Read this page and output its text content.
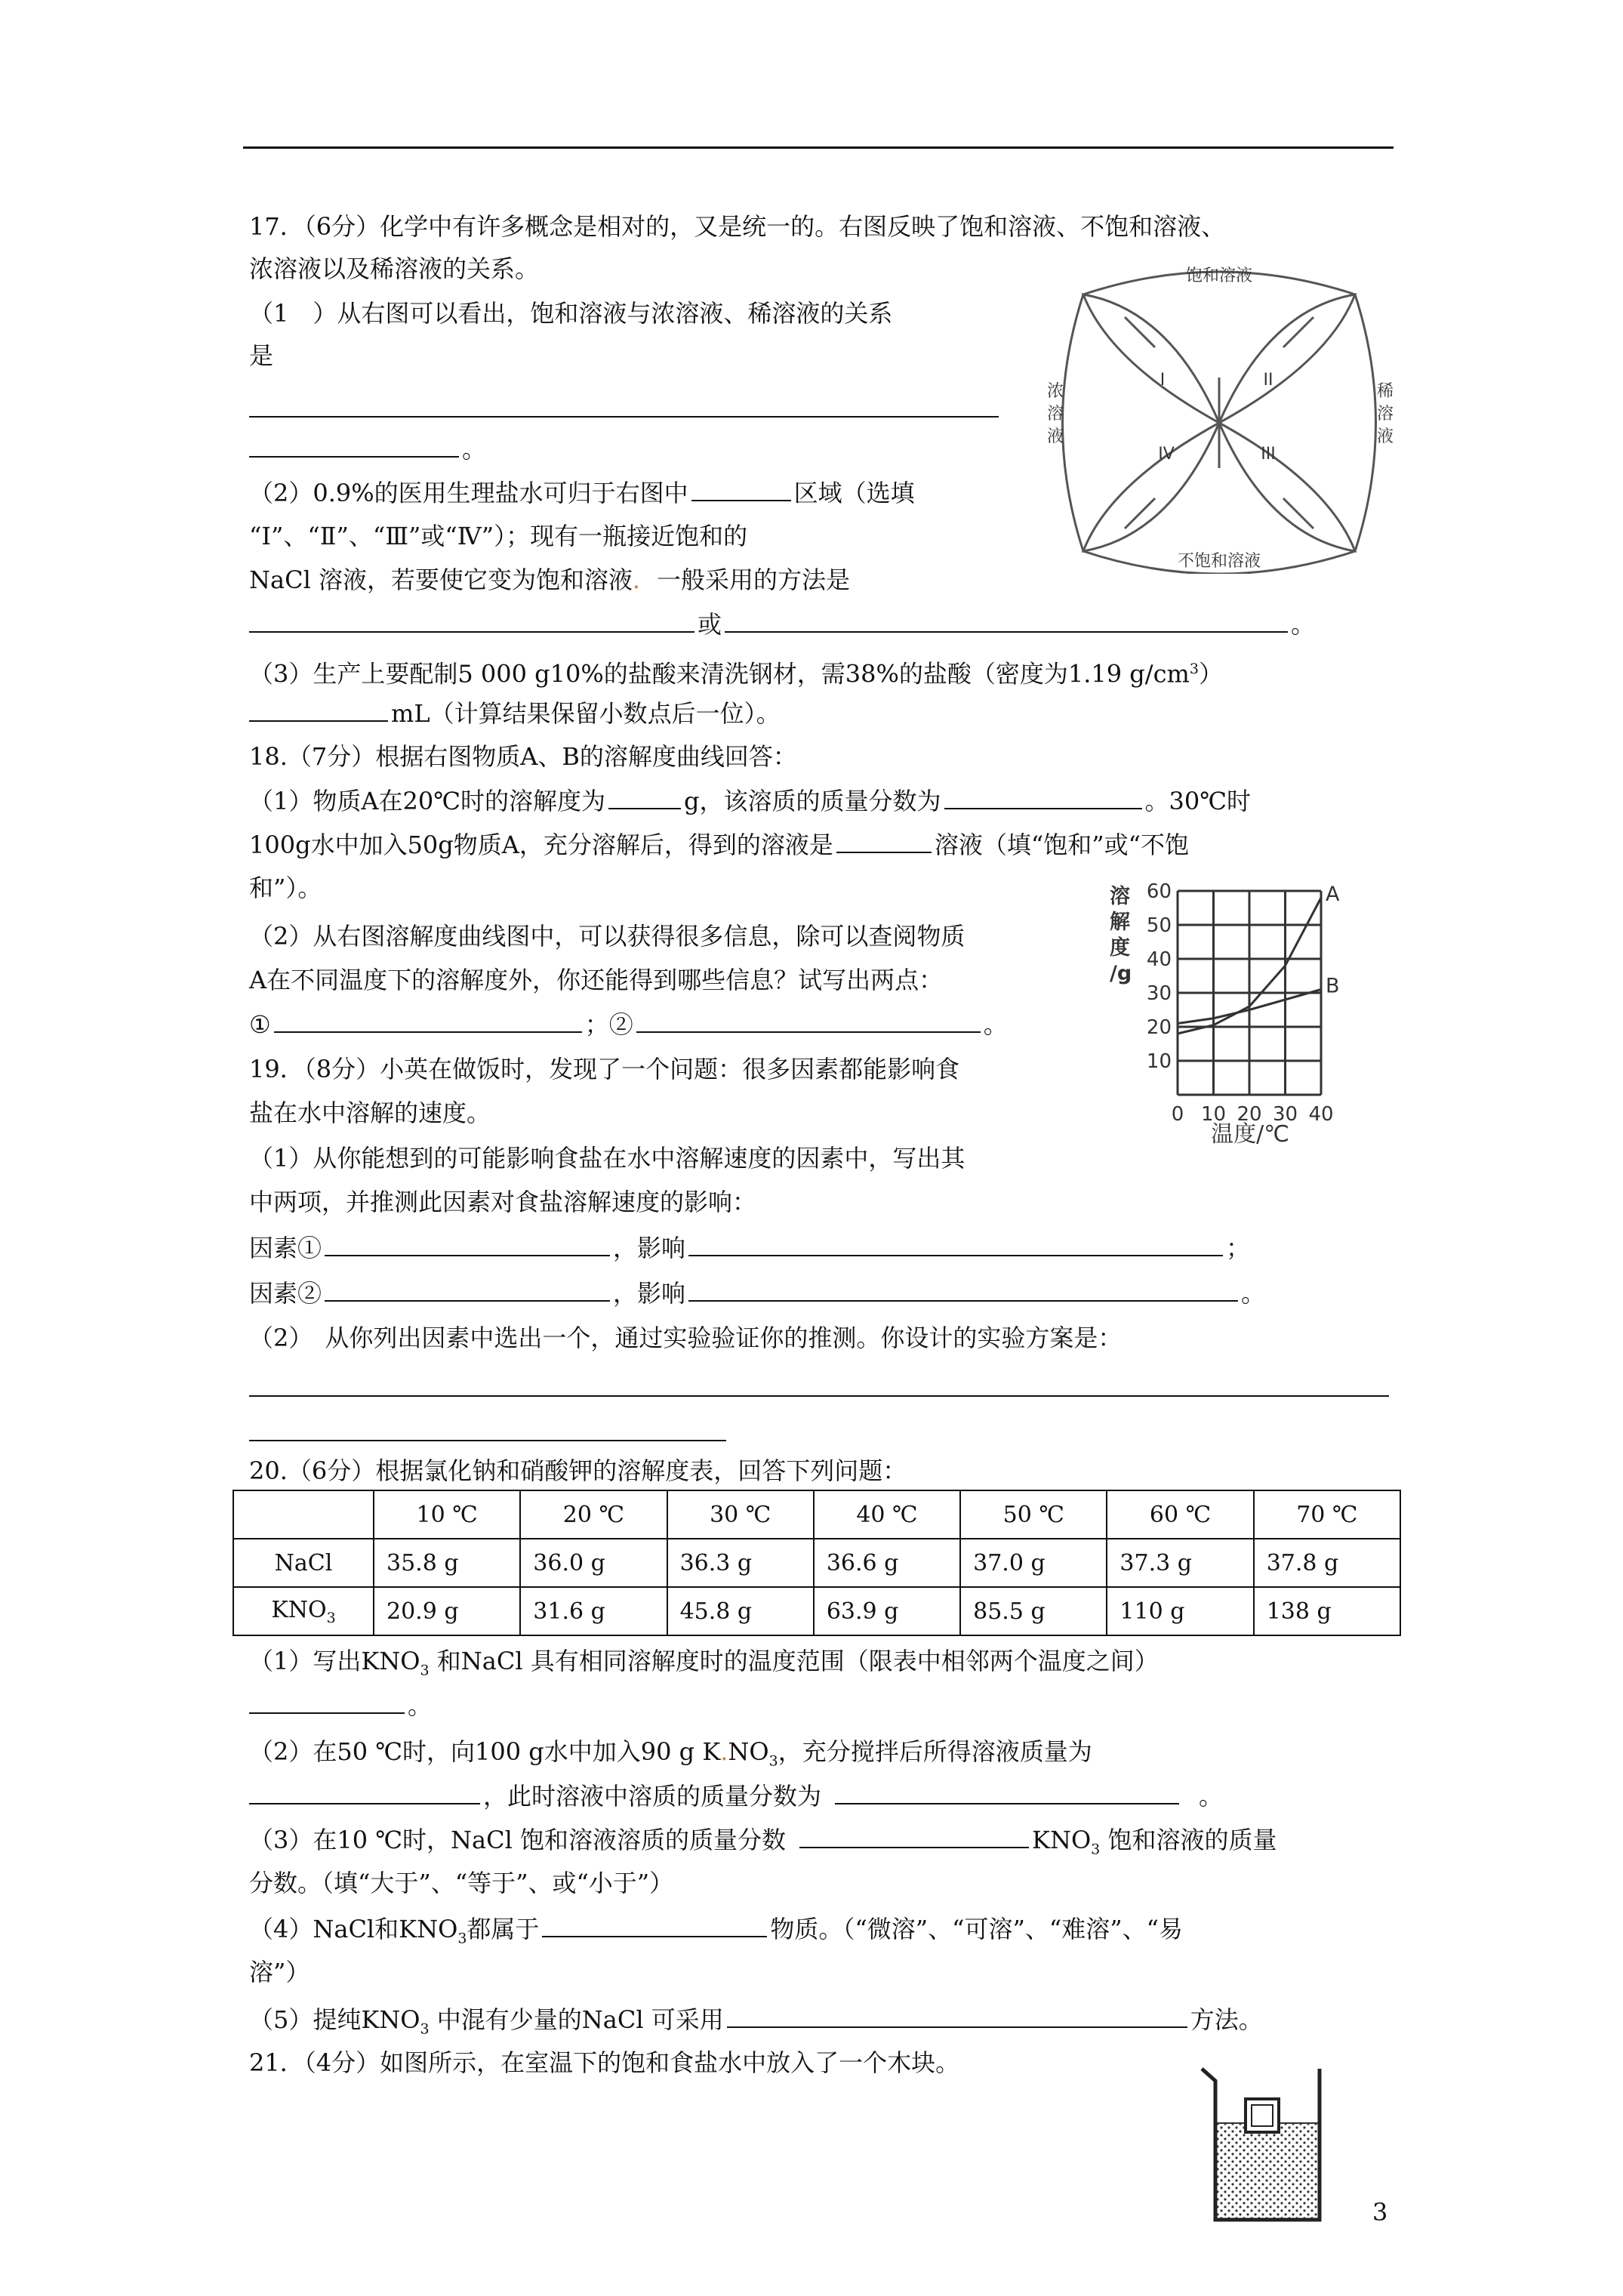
17．（6分）化学中有许多概念是相对的，又是统一的。右图反映了饱和溶液、不饱和溶液、
浓溶液以及稀溶液的关系。
（1　）从右图可以看出，饱和溶液与浓溶液、稀溶液的关系
是
。
（2）0.9%的医用生理盐水可归于右图中	区域（选填
“Ⅰ”、“Ⅱ”、“Ⅲ”或“Ⅳ”）；现有一瓶接近饱和的
NaCl 溶液，若要使它变为饱和溶液．一般采用的方法是
或	。
（3）生产上要配制5 000 g10%的盐酸来清洗钢材，需38%的盐酸（密度为1.19 $g/cm^3$）
mL（计算结果保留小数点后一位）。
饱和溶液
不饱和溶液
浓
溶
液
稀
溶
液
I	II
III
IV
18.（7分）根据右图物质A、B的溶解度曲线回答：
（1）物质A在20℃时的溶解度为	g，该溶质的质量分数为	。30℃时
100g水中加入50g物质A，充分溶解后，得到的溶液是	溶液（填“饱和”或“不饱
和”）。
（2）从右图溶解度曲线图中，可以获得很多信息，除可以查阅物质
A在不同温度下的溶解度外，你还能得到哪些信息？试写出两点：
①	；②	。
溶
解
度
/g
10
20
30
40
50
60
0 10 20 30 40
A
B
温度/℃
19．（8分）小英在做饭时，发现了一个问题：很多因素都能影响食
盐在水中溶解的速度。
（1）从你能想到的可能影响食盐在水中溶解速度的因素中，写出其
中两项，并推测此因素对食盐溶解速度的影响：
因素①	，影响	；
因素②	，影响	。
（2）　从你列出因素中选出一个，通过实验验证你的推测。你设计的实验方案是：
20.（6分）根据氯化钠和硝酸钾的溶解度表，回答下列问题：
	10 ℃	20 ℃	30 ℃	40 ℃	50 ℃	60 ℃	70 ℃
NaCl	35.8 g	36.0 g	36.3 g	36.6 g	37.0 g	37.3 g	37.8 g
$KNO_3$	20.9 g	31.6 g	45.8 g	63.9 g	85.5 g	110 g	138 g
（1）写出$KNO_3$ 和NaCl 具有相同溶解度时的温度范围（限表中相邻两个温度之间）
。
（2）在50 ℃时，向100 g水中加入90 g $K.NO_3$，充分搅拌后所得溶液质量为
，此时溶液中溶质的质量分数为	。
（3）在10 ℃时，NaCl 饱和溶液溶质的质量分数	$KNO_3$ 饱和溶液的质量
分数。（填“大于”、“等于”、或“小于”）
（4）NaCl和$KNO_3$都属于	物质。（“微溶”、“可溶”、“难溶”、“易
溶”）
（5）提纯$KNO_3$ 中混有少量的NaCl 可采用	方法。
21．（4分）如图所示，在室温下的饱和食盐水中放入了一个木块。
3
